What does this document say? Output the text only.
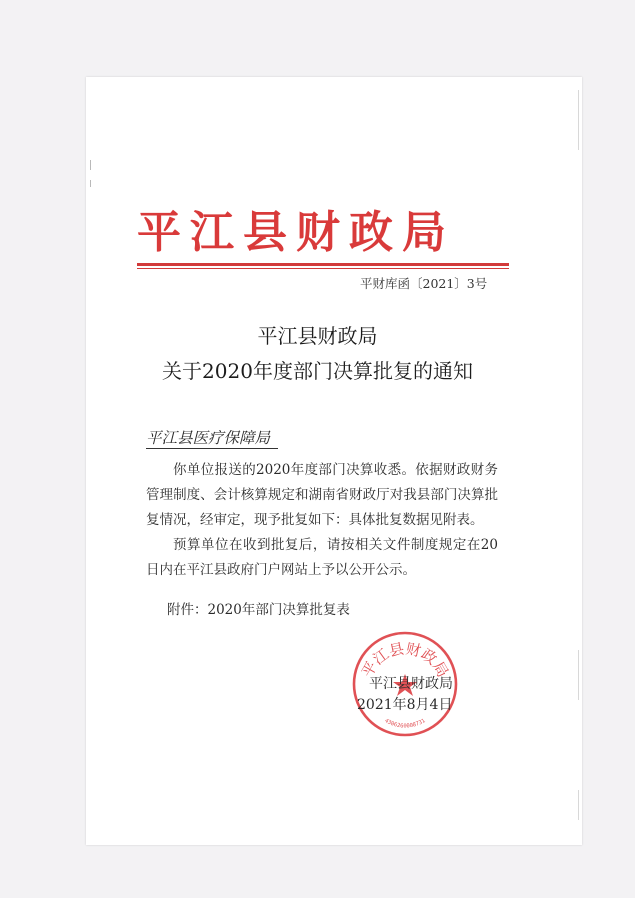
平江县财政局
平财库函〔2021〕3号
平江县财政局
关于2020年度部门决算批复的通知
平江县医疗保障局
你单位报送的2020年度部门决算收悉。依据财政财务管理制度、会计核算规定和湖南省财政厅对我县部门决算批复情况，经审定，现予批复如下：具体批复数据见附表。
预算单位在收到批复后，请按相关文件制度规定在20日内在平江县政府门户网站上予以公开公示。
附件：2020年部门决算批复表
平江县财政局
4306260008731
平江县财政局
2021年8月4日
